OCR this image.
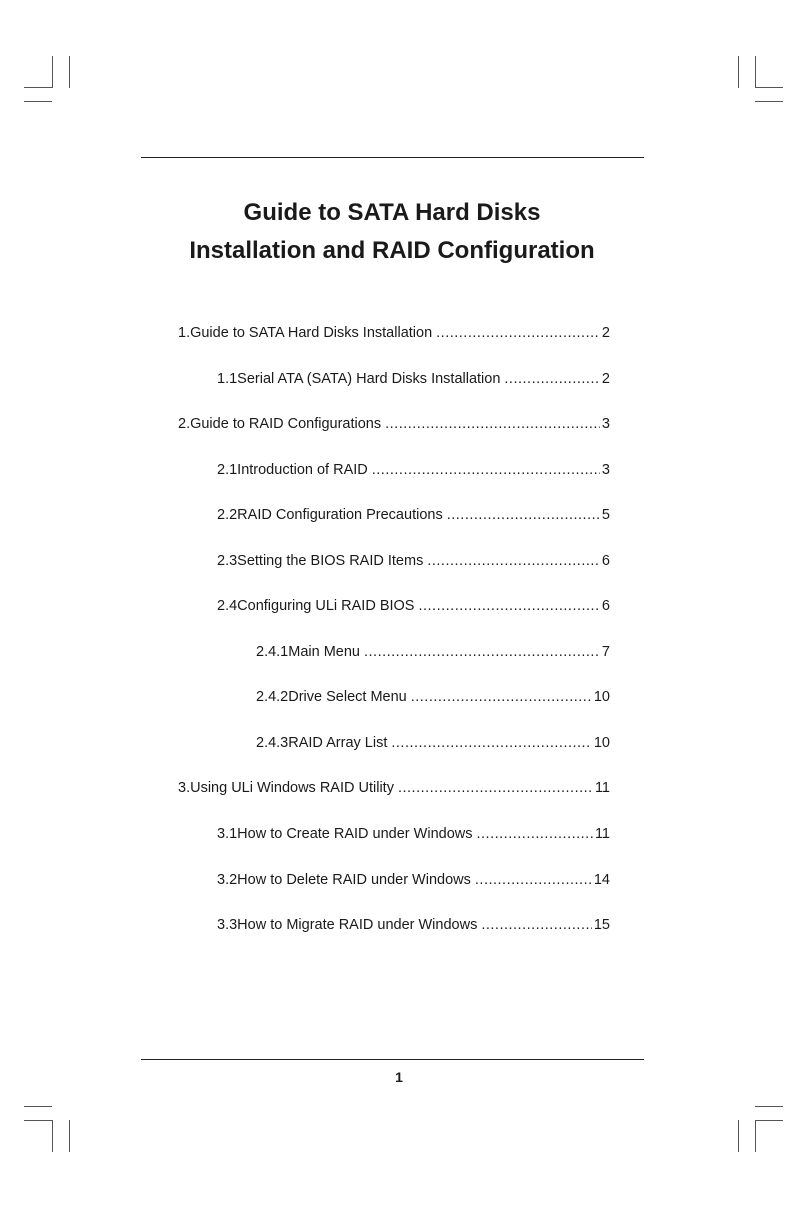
Guide to SATA Hard Disks
Installation and RAID Configuration
1. Guide to SATA Hard Disks Installation .....	2
1.1 Serial ATA (SATA) Hard Disks Installation .....	2
2. Guide to RAID Configurations .....	3
2.1 Introduction of RAID .....	3
2.2 RAID Configuration Precautions .....	5
2.3 Setting the BIOS RAID Items .....	6
2.4 Configuring ULi RAID BIOS .....	6
2.4.1 Main Menu .....	7
2.4.2 Drive Select Menu .....	10
2.4.3 RAID Array List .....	10
3. Using ULi Windows RAID Utility .....	11
3.1 How to Create RAID under Windows .....	11
3.2 How to Delete RAID under Windows .....	14
3.3 How to Migrate RAID under Windows .....	15
1
